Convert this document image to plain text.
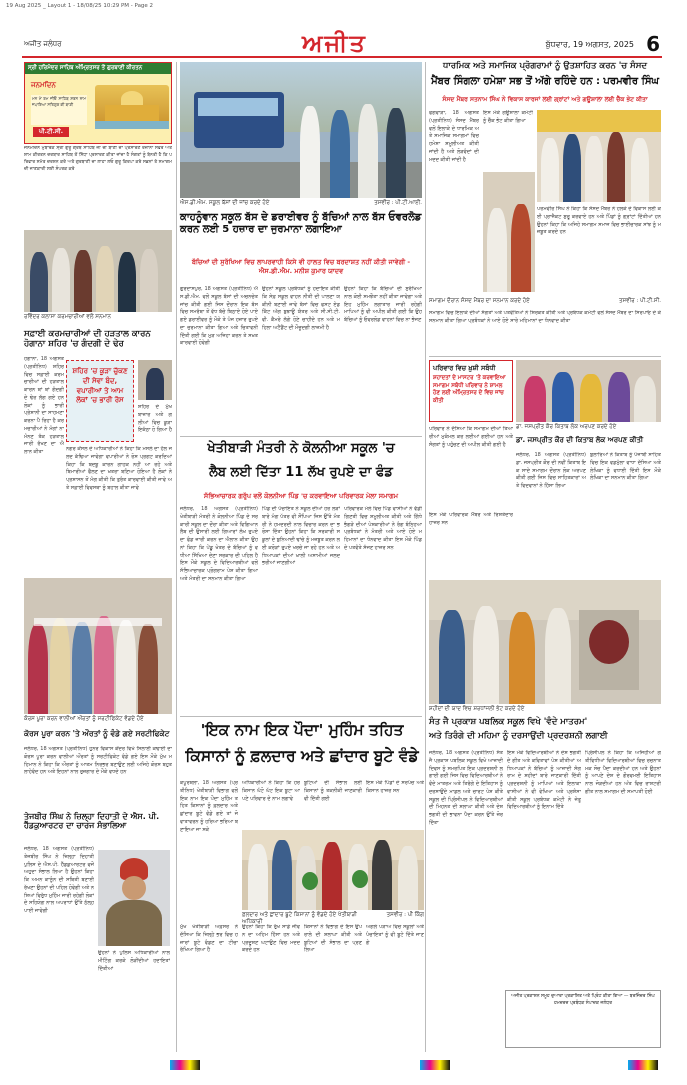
19 Aug 2025 _ Layout 1 - 18/08/25 10:29 PM - Page 2
ਅਜੀਤ ਜਲੰਧਰ	ਅਜੀਤ	ਬੁੱਧਵਾਰ, 19 ਅਗਸਤ, 2025 6
ਸ੍ਰੀ ਹਰਿਮੰਦਰ ਸਾਹਿਬ ਅੰਮ੍ਰਿਤਸਰ ਤੋਂ ਗੁਰਬਾਣੀ ਕੀਰਤਨ
ਜਨਮਦਿਨ
ਮਨ ਮੇਂ ਰਮ ਜੀਓ ਸਾਹਿਬ ਸ਼ਰਨ ਨਾਮ ਜਪਾਇਆ ਸਤਿਗੁਰ ਕੀ ਬਾਣੀ
ਪੀ.ਟੀ.ਸੀ.
ਜਨਮਦਿਨ ਮੁਬਾਰਕ ਸ੍ਰੀ ਗੁਰੂ ਗ੍ਰੰਥ ਸਾਹਿਬ ਜੀ ਦੀ ਬਾਣੀ ਦਾ ਪ੍ਰਸਾਰਣ ਰੋਜ਼ਾਨਾ ਸਵੇਰੇ ਅਤੇ ਸ਼ਾਮ ਕੀਰਤਨ ਦਰਬਾਰ ਸਾਹਿਬ ਤੋਂ ਸਿੱਧਾ ਪ੍ਰਸਾਰਣ ਕੀਤਾ ਜਾਂਦਾ ਹੈ ਸੰਗਤਾਂ ਨੂੰ ਬੇਨਤੀ ਹੈ ਕਿ ਪਰਿਵਾਰ ਸਮੇਤ ਦਰਸ਼ਨ ਕਰੋ ਅਤੇ ਗੁਰਬਾਣੀ ਦਾ ਲਾਹਾ ਲਓ ਗੁਰੂ ਕਿਰਪਾ ਕਰੇ ਸਭਨਾਂ ਤੇ ਸਮਾਗਮ ਦੀ ਜਾਣਕਾਰੀ ਲਈ ਸੰਪਰਕ ਕਰੋ
ਰਵਿੰਦਰ ਕਲਾਸਾ ਕਰਮਚਾਰੀਆਂ ਵਲੋਂ ਸਨਮਾਨ
ਸਫ਼ਾਈ ਕਰਮਚਾਰੀਆਂ ਦੀ ਹੜਤਾਲ ਕਾਰਨ ਹੋਗਾਨਾ ਸ਼ਹਿਰ 'ਚ ਗੰਦਗੀ ਦੇ ਢੇਰ
ਹੋਗਾਨਾ, 18 ਅਗਸਤ (ਪ੍ਰਤੀਨਿਧ) ਸ਼ਹਿਰ ਵਿਚ ਸਫ਼ਾਈ ਕਰਮਚਾਰੀਆਂ ਦੀ ਹੜਤਾਲ ਕਾਰਨ ਥਾਂ ਥਾਂ ਗੰਦਗੀ ਦੇ ਢੇਰ ਲੱਗ ਗਏ ਹਨ ਲੋਕਾਂ ਨੂੰ ਭਾਰੀ ਪ੍ਰੇਸ਼ਾਨੀ ਦਾ ਸਾਹਮਣਾ ਕਰਨਾ ਪੈ ਰਿਹਾ ਹੈ ਕਰਮਚਾਰੀਆਂ ਨੇ ਮੰਗਾਂ ਨਾ ਮੰਨਣ ਤੱਕ ਹੜਤਾਲ ਜਾਰੀ ਰੱਖਣ ਦਾ ਐਲਾਨ ਕੀਤਾ
ਸ਼ਹਿਰ 'ਚ ਕੂੜਾ ਚੁੱਕਣ ਦੀ ਸੇਵਾ ਬੰਦ, ਵਪਾਰੀਆਂ ਤੇ ਆਮ ਲੋਕਾਂ 'ਚ ਭਾਰੀ ਰੋਸ
ਸ਼ਹਿਰ ਦੇ ਮੁੱਖ ਬਾਜ਼ਾਰ ਅਤੇ ਗਲੀਆਂ ਵਿਚ ਕੂੜਾ ਇਕੱਠਾ ਹੋ ਗਿਆ ਹੈ
ਨਗਰ ਕੌਂਸਲ ਦੇ ਅਧਿਕਾਰੀਆਂ ਨੇ ਕਿਹਾ ਕਿ ਮਸਲੇ ਦਾ ਹੱਲ ਜਲਦ ਕੱਢਿਆ ਜਾਵੇਗਾ ਵਪਾਰੀਆਂ ਨੇ ਰੋਸ ਪ੍ਰਗਟ ਕਰਦਿਆਂ ਕਿਹਾ ਕਿ ਬਦਬੂ ਕਾਰਨ ਗਾਹਕ ਨਹੀਂ ਆ ਰਹੇ ਅਤੇ ਬਿਮਾਰੀਆਂ ਫੈਲਣ ਦਾ ਖ਼ਤਰਾ ਬਣਿਆ ਹੋਇਆ ਹੈ ਲੋਕਾਂ ਨੇ ਪ੍ਰਸ਼ਾਸਨ ਤੋਂ ਮੰਗ ਕੀਤੀ ਕਿ ਤੁਰੰਤ ਕਾਰਵਾਈ ਕੀਤੀ ਜਾਵੇ ਅਤੇ ਸਫ਼ਾਈ ਵਿਵਸਥਾ ਨੂੰ ਬਹਾਲ ਕੀਤਾ ਜਾਵੇ
ਕੋਰਸ ਪੂਰਾ ਕਰਨ ਵਾਲੀਆਂ ਔਰਤਾਂ ਨੂੰ ਸਰਟੀਫਿਕੇਟ ਵੰਡਦੇ ਹੋਏ
ਕੋਰਸ ਪੂਰਾ ਕਰਨ 'ਤੇ ਔਰਤਾਂ ਨੂੰ ਵੰਡੇ ਗਏ ਸਰਟੀਫਿਕੇਟ
ਜਲੰਧਰ, 18 ਅਗਸਤ (ਪ੍ਰਤੀਨਿਧ) ਹੁਨਰ ਵਿਕਾਸ ਕੇਂਦਰ ਵਿਖੇ ਸਿਲਾਈ ਕਢਾਈ ਦਾ ਕੋਰਸ ਪੂਰਾ ਕਰਨ ਵਾਲੀਆਂ ਔਰਤਾਂ ਨੂੰ ਸਰਟੀਫਿਕੇਟ ਵੰਡੇ ਗਏ ਇਸ ਮੌਕੇ ਮੁੱਖ ਮਹਿਮਾਨ ਨੇ ਕਿਹਾ ਕਿ ਔਰਤਾਂ ਨੂੰ ਆਤਮ ਨਿਰਭਰ ਬਣਾਉਣ ਲਈ ਅਜਿਹੇ ਕੋਰਸ ਬਹੁਤ ਲਾਹੇਵੰਦ ਹਨ ਅਤੇ ਇਹਨਾਂ ਨਾਲ ਰੁਜ਼ਗਾਰ ਦੇ ਮੌਕੇ ਵਧਦੇ ਹਨ
ਤੇਜਬੀਰ ਸਿੰਘ ਨੇ ਜ਼ਿਲ੍ਹਾ ਦਿਹਾਤੀ ਦੇ ਐਸ. ਪੀ. ਹੈੱਡਕੁਆਰਟਰ ਦਾ ਚਾਰਜ ਸੰਭਾਲਿਆ
ਜਲੰਧਰ, 18 ਅਗਸਤ (ਪ੍ਰਤੀਨਿਧ) ਤੇਜਬੀਰ ਸਿੰਘ ਨੇ ਜ਼ਿਲ੍ਹਾ ਦਿਹਾਤੀ ਪੁਲਿਸ ਦੇ ਐਸ.ਪੀ. ਹੈੱਡਕੁਆਰਟਰ ਵਜੋਂ ਅਹੁਦਾ ਸੰਭਾਲ ਲਿਆ ਹੈ ਉਹਨਾਂ ਕਿਹਾ ਕਿ ਅਮਨ ਕਾਨੂੰਨ ਦੀ ਸਥਿਤੀ ਬਣਾਈ ਰੱਖਣਾ ਉਹਨਾਂ ਦੀ ਪਹਿਲ ਹੋਵੇਗੀ ਅਤੇ ਨਸ਼ਿਆਂ ਵਿਰੁੱਧ ਮੁਹਿੰਮ ਜਾਰੀ ਰਹੇਗੀ ਲੋਕਾਂ ਦੇ ਸਹਿਯੋਗ ਨਾਲ ਅਪਰਾਧਾਂ ਉੱਤੇ ਠੱਲ੍ਹ ਪਾਈ ਜਾਵੇਗੀ
ਉਹਨਾਂ ਨੇ ਪੁਲਿਸ ਅਧਿਕਾਰੀਆਂ ਨਾਲ ਮੀਟਿੰਗ ਕਰਕੇ ਲੋੜੀਂਦੀਆਂ ਹਦਾਇਤਾਂ ਦਿੱਤੀਆਂ
ਐਸ.ਡੀ.ਐਮ. ਸਕੂਲ ਬੱਸਾਂ ਦੀ ਜਾਂਚ ਕਰਦੇ ਹੋਏ	ਤਸਵੀਰ : ਪੀ.ਟੀ.ਆਈ.
ਕਾਹਨੂੰਵਾਨ ਸਕੂਲ ਬੱਸ ਦੇ ਡਰਾਈਵਰ ਨੂੰ ਬੱਚਿਆਂ ਨਾਲ ਬੱਸ ਓਵਰਲੋਡ ਕਰਨ ਲਈ 5 ਹਜ਼ਾਰ ਦਾ ਜੁਰਮਾਨਾ ਲਗਾਇਆ
ਬੱਚਿਆਂ ਦੀ ਸੁਰੱਖਿਆ ਵਿਚ ਲਾਪਰਵਾਹੀ ਕਿਸੇ ਵੀ ਹਾਲਤ ਵਿਚ ਬਰਦਾਸ਼ਤ ਨਹੀਂ ਕੀਤੀ ਜਾਵੇਗੀ - ਐਸ.ਡੀ.ਐਮ. ਮਨੀਸ਼ ਕੁਮਾਰ ਯਾਦਵ
ਗੁਰਦਾਸਪੁਰ, 18 ਅਗਸਤ (ਪ੍ਰਤੀਨਿਧ) ਐਸ.ਡੀ.ਐਮ. ਵਲੋਂ ਸਕੂਲ ਬੱਸਾਂ ਦੀ ਅਚਨਚੇਤ ਜਾਂਚ ਕੀਤੀ ਗਈ ਜਿਸ ਦੌਰਾਨ ਇਕ ਬੱਸ ਵਿਚ ਸਮਰੱਥਾ ਤੋਂ ਵੱਧ ਬੱਚੇ ਬਿਠਾਏ ਹੋਏ ਪਾਏ ਗਏ ਡਰਾਈਵਰ ਨੂੰ ਮੌਕੇ ਤੇ ਪੰਜ ਹਜ਼ਾਰ ਰੁਪਏ ਦਾ ਜੁਰਮਾਨਾ ਕੀਤਾ ਗਿਆ ਅਤੇ ਚਿਤਾਵਨੀ ਦਿੱਤੀ ਗਈ ਕਿ ਮੁੜ ਅਜਿਹਾ ਕਰਨ ਤੇ ਸਖ਼ਤ ਕਾਰਵਾਈ ਹੋਵੇਗੀ
ਉਹਨਾਂ ਸਕੂਲ ਪ੍ਰਬੰਧਕਾਂ ਨੂੰ ਹਦਾਇਤ ਕੀਤੀ ਕਿ ਸੇਫ਼ ਸਕੂਲ ਵਾਹਨ ਨੀਤੀ ਦੀ ਪਾਲਣਾ ਯਕੀਨੀ ਬਣਾਈ ਜਾਵੇ ਬੱਸਾਂ ਵਿਚ ਫਸਟ ਏਡ ਕਿੱਟ ਅੱਗ ਬੁਝਾਊ ਯੰਤਰ ਅਤੇ ਸੀ.ਸੀ.ਟੀ.ਵੀ. ਕੈਮਰੇ ਲੱਗੇ ਹੋਣੇ ਚਾਹੀਦੇ ਹਨ ਅਤੇ ਮਹਿਲਾ ਅਟੈਂਡੈਂਟ ਦੀ ਮੌਜੂਦਗੀ ਲਾਜ਼ਮੀ ਹੈ
ਉਹਨਾਂ ਕਿਹਾ ਕਿ ਬੱਚਿਆਂ ਦੀ ਸੁਰੱਖਿਆ ਨਾਲ ਕੋਈ ਸਮਝੌਤਾ ਨਹੀਂ ਕੀਤਾ ਜਾਵੇਗਾ ਅਤੇ ਇਹ ਮੁਹਿੰਮ ਲਗਾਤਾਰ ਜਾਰੀ ਰਹੇਗੀ ਮਾਪਿਆਂ ਨੂੰ ਵੀ ਅਪੀਲ ਕੀਤੀ ਗਈ ਕਿ ਉਹ ਬੱਚਿਆਂ ਨੂੰ ਓਵਰਲੋਡ ਵਾਹਨਾਂ ਵਿਚ ਨਾ ਭੇਜਣ
ਖੇਤੀਬਾੜੀ ਮੰਤਰੀ ਨੇ ਕੋਲਨੀਆ ਸਕੂਲ 'ਚ
ਲੈਬ ਲਈ ਦਿੱਤਾ 11 ਲੱਖ ਰੁਪਏ ਦਾ ਫੰਡ
ਸੱਭਿਆਚਾਰਕ ਗਰੁੱਪ ਵਲੋਂ ਕੋਲਨੀਆ ਪਿੰਡ 'ਚ ਕਰਵਾਇਆ ਪਰਿਵਾਰਕ ਮੇਲਾ ਸਮਾਗਮ
ਜਲੰਧਰ, 18 ਅਗਸਤ (ਪ੍ਰਤੀਨਿਧ) ਖੇਤੀਬਾੜੀ ਮੰਤਰੀ ਨੇ ਕੋਲਨੀਆ ਪਿੰਡ ਦੇ ਸਰਕਾਰੀ ਸਕੂਲ ਦਾ ਦੌਰਾ ਕੀਤਾ ਅਤੇ ਵਿਗਿਆਨ ਲੈਬ ਦੀ ਉਸਾਰੀ ਲਈ ਗਿਆਰਾਂ ਲੱਖ ਰੁਪਏ ਦਾ ਫੰਡ ਜਾਰੀ ਕਰਨ ਦਾ ਐਲਾਨ ਕੀਤਾ ਉਹਨਾਂ ਕਿਹਾ ਕਿ ਪੇਂਡੂ ਖੇਤਰ ਦੇ ਬੱਚਿਆਂ ਨੂੰ ਵਧੀਆ ਸਿੱਖਿਆ ਦੇਣਾ ਸਰਕਾਰ ਦੀ ਪਹਿਲ ਹੈ ਇਸ ਮੌਕੇ ਸਕੂਲ ਦੇ ਵਿਦਿਆਰਥੀਆਂ ਵਲੋਂ ਸੱਭਿਆਚਾਰਕ ਪ੍ਰੋਗਰਾਮ ਪੇਸ਼ ਕੀਤਾ ਗਿਆ ਅਤੇ ਮੰਤਰੀ ਦਾ ਸਨਮਾਨ ਕੀਤਾ ਗਿਆ
ਪਿੰਡ ਦੀ ਪੰਚਾਇਤ ਨੇ ਸਕੂਲ ਦੀਆਂ ਹੋਰ ਲੋੜਾਂ ਬਾਰੇ ਮੰਗ ਪੱਤਰ ਵੀ ਸੌਂਪਿਆ ਜਿਸ ਉੱਤੇ ਮੰਤਰੀ ਨੇ ਹਮਦਰਦੀ ਨਾਲ ਵਿਚਾਰ ਕਰਨ ਦਾ ਭਰੋਸਾ ਦਿੱਤਾ ਉਹਨਾਂ ਕਿਹਾ ਕਿ ਸਰਕਾਰੀ ਸਕੂਲਾਂ ਦੇ ਬੁਨਿਆਦੀ ਢਾਂਚੇ ਨੂੰ ਮਜ਼ਬੂਤ ਕਰਨ ਲਈ ਕਰੋੜਾਂ ਰੁਪਏ ਖਰਚੇ ਜਾ ਰਹੇ ਹਨ ਅਤੇ ਅਧਿਆਪਕਾਂ ਦੀਆਂ ਖ਼ਾਲੀ ਅਸਾਮੀਆਂ ਜਲਦ ਭਰੀਆਂ ਜਾਣਗੀਆਂ
ਪਰਿਵਾਰਕ ਮੇਲੇ ਵਿਚ ਪਿੰਡ ਵਾਸੀਆਂ ਨੇ ਵੱਡੀ ਗਿਣਤੀ ਵਿਚ ਸ਼ਮੂਲੀਅਤ ਕੀਤੀ ਅਤੇ ਗਿੱਧੇ ਭੰਗੜੇ ਦੀਆਂ ਪੇਸ਼ਕਾਰੀਆਂ ਨੇ ਰੰਗ ਬੰਨ੍ਹਿਆ ਪ੍ਰਬੰਧਕਾਂ ਨੇ ਮੰਤਰੀ ਅਤੇ ਆਏ ਹੋਏ ਮਹਿਮਾਨਾਂ ਦਾ ਧੰਨਵਾਦ ਕੀਤਾ ਇਸ ਮੌਕੇ ਪਿੰਡ ਦੇ ਪਤਵੰਤੇ ਸੱਜਣ ਹਾਜ਼ਰ ਸਨ
'ਇਕ ਨਾਮ ਇਕ ਪੌਦਾ' ਮੁਹਿੰਮ ਤਹਿਤ
ਕਿਸਾਨਾਂ ਨੂੰ ਫ਼ਲਦਾਰ ਅਤੇ ਛਾਂਦਾਰ ਬੂਟੇ ਵੰਡੇ
ਕਪੂਰਥਲਾ, 18 ਅਗਸਤ (ਪ੍ਰਤੀਨਿਧ) ਖੇਤੀਬਾੜੀ ਵਿਭਾਗ ਵਲੋਂ ਇਕ ਨਾਮ ਇਕ ਪੌਦਾ ਮੁਹਿੰਮ ਤਹਿਤ ਕਿਸਾਨਾਂ ਨੂੰ ਫ਼ਲਦਾਰ ਅਤੇ ਛਾਂਦਾਰ ਬੂਟੇ ਵੰਡੇ ਗਏ ਤਾਂ ਜੋ ਵਾਤਾਵਰਨ ਨੂੰ ਹਰਿਆ ਭਰਿਆ ਬਣਾਇਆ ਜਾ ਸਕੇ
ਅਧਿਕਾਰੀਆਂ ਨੇ ਕਿਹਾ ਕਿ ਹਰ ਕਿਸਾਨ ਘੱਟੋ ਘੱਟ ਇਕ ਬੂਟਾ ਆਪਣੇ ਪਰਿਵਾਰ ਦੇ ਨਾਮ ਲਗਾਵੇ
ਬੂਟਿਆਂ ਦੀ ਸੰਭਾਲ ਲਈ ਕਿਸਾਨਾਂ ਨੂੰ ਤਕਨੀਕੀ ਜਾਣਕਾਰੀ ਵੀ ਦਿੱਤੀ ਗਈ
ਇਸ ਮੌਕੇ ਪਿੰਡਾਂ ਦੇ ਸਰਪੰਚ ਅਤੇ ਕਿਸਾਨ ਹਾਜ਼ਰ ਸਨ
ਫ਼ਲਦਾਰ ਅਤੇ ਛਾਂਦਾਰ ਬੂਟੇ ਕਿਸਾਨਾਂ ਨੂੰ ਵੰਡਦੇ ਹੋਏ ਖੇਤੀਬਾੜੀ ਅਧਿਕਾਰੀ
ਤਸਵੀਰ : ਪੀ ਕਿੰਗ
ਮੁੱਖ ਖੇਤੀਬਾੜੀ ਅਫ਼ਸਰ ਨੇ ਦੱਸਿਆ ਕਿ ਜ਼ਿਲ੍ਹੇ ਭਰ ਵਿਚ ਹਜ਼ਾਰਾਂ ਬੂਟੇ ਵੰਡਣ ਦਾ ਟੀਚਾ ਰੱਖਿਆ ਗਿਆ ਹੈ
ਉਹਨਾਂ ਕਿਹਾ ਕਿ ਰੁੱਖ ਸਾਡੇ ਜੀਵਨ ਦਾ ਅਹਿਮ ਹਿੱਸਾ ਹਨ ਅਤੇ ਪ੍ਰਦੂਸ਼ਣ ਘਟਾਉਣ ਵਿਚ ਮਦਦ ਕਰਦੇ ਹਨ
ਕਿਸਾਨਾਂ ਨੇ ਵਿਭਾਗ ਦੇ ਇਸ ਉਪਰਾਲੇ ਦੀ ਸ਼ਲਾਘਾ ਕੀਤੀ ਅਤੇ ਬੂਟਿਆਂ ਦੀ ਸੰਭਾਲ ਦਾ ਪ੍ਰਣ ਲਿਆ
ਅਗਲੇ ਪੜਾਅ ਵਿਚ ਸਕੂਲਾਂ ਅਤੇ ਪੰਚਾਇਤਾਂ ਨੂੰ ਵੀ ਬੂਟੇ ਦਿੱਤੇ ਜਾਣਗੇ
ਧਾਰਮਿਕ ਅਤੇ ਸਮਾਜਿਕ ਪ੍ਰੋਗਰਾਮਾਂ ਨੂੰ ਉਤਸ਼ਾਹਿਤ ਕਰਨ 'ਚ ਸੰਸਦ
ਮੈਂਬਰ ਸਿੰਗਲਾ ਹਮੇਸ਼ਾ ਸਭ ਤੋਂ ਅੱਗੇ ਰਹਿੰਦੇ ਹਨ : ਪਰਮਵੀਰ ਸਿੰਘ
ਸੰਸਦ ਮੈਂਬਰ ਸਤਨਾਮ ਸਿੰਘ ਨੇ ਵਿਕਾਸ ਕਾਰਜਾਂ ਲਈ ਗ੍ਰਾਂਟਾਂ ਅਤੇ ਗਊਸ਼ਾਲਾ ਲਈ ਚੈੱਕ ਭੇਟ ਕੀਤਾ
ਫਗਵਾੜਾ, 18 ਅਗਸਤ (ਪ੍ਰਤੀਨਿਧ) ਸੰਸਦ ਮੈਂਬਰ ਵਲੋਂ ਇਲਾਕੇ ਦੇ ਧਾਰਮਿਕ ਅਤੇ ਸਮਾਜਿਕ ਸਮਾਗਮਾਂ ਵਿਚ ਹਮੇਸ਼ਾ ਸ਼ਮੂਲੀਅਤ ਕੀਤੀ ਜਾਂਦੀ ਹੈ ਅਤੇ ਲੋੜਵੰਦਾਂ ਦੀ ਮਦਦ ਕੀਤੀ ਜਾਂਦੀ ਹੈ
ਇਸ ਮੌਕੇ ਗਊਸ਼ਾਲਾ ਕਮੇਟੀ ਨੂੰ ਚੈੱਕ ਭੇਟ ਕੀਤਾ ਗਿਆ
ਪਰਮਵੀਰ ਸਿੰਘ ਨੇ ਕਿਹਾ ਕਿ ਸੰਸਦ ਮੈਂਬਰ ਨੇ ਹਲਕੇ ਦੇ ਵਿਕਾਸ ਲਈ ਕਈ ਪ੍ਰਾਜੈਕਟ ਸ਼ੁਰੂ ਕਰਵਾਏ ਹਨ ਅਤੇ ਪਿੰਡਾਂ ਨੂੰ ਗ੍ਰਾਂਟਾਂ ਦਿੱਤੀਆਂ ਹਨ ਉਹਨਾਂ ਕਿਹਾ ਕਿ ਅਜਿਹੇ ਸਮਾਗਮ ਸਮਾਜ ਵਿਚ ਭਾਈਚਾਰਕ ਸਾਂਝ ਨੂੰ ਮਜ਼ਬੂਤ ਕਰਦੇ ਹਨ
ਸਮਾਗਮ ਦੌਰਾਨ ਸੰਸਦ ਮੈਂਬਰ ਦਾ ਸਨਮਾਨ ਕਰਦੇ ਹੋਏ	ਤਸਵੀਰ : ਪੀ.ਟੀ.ਸੀ.
ਸਮਾਗਮ ਵਿਚ ਇਲਾਕੇ ਦੀਆਂ ਸੰਗਤਾਂ ਅਤੇ ਪਤਵੰਤਿਆਂ ਨੇ ਸ਼ਿਰਕਤ ਕੀਤੀ ਅਤੇ ਪ੍ਰਬੰਧਕ ਕਮੇਟੀ ਵਲੋਂ ਸੰਸਦ ਮੈਂਬਰ ਦਾ ਸਿਰੋਪਾਓ ਦੇ ਕੇ ਸਨਮਾਨ ਕੀਤਾ ਗਿਆ ਪ੍ਰਬੰਧਕਾਂ ਨੇ ਆਏ ਹੋਏ ਸਾਰੇ ਮਹਿਮਾਨਾਂ ਦਾ ਧੰਨਵਾਦ ਕੀਤਾ
ਪਰਿਵਾਰ ਵਿਚ ਖ਼ੁਸ਼ੀ ਸਬੰਧੀ
ਸ਼ਹਾਦਤਾਂ ਦੇ ਮਾਸਟਰ 'ਤੇ ਕਰਵਾਇਆ ਸਮਾਗਮ ਸਬੰਧੀ ਪਰਿਵਾਰ ਨੇ ਸ਼ਾਮਲ ਹੋਣ ਲਈ ਅੰਮ੍ਰਿਤਸਰ ਦੇ ਵਿਚ ਜਾਂਚ ਕੀਤੀ
ਪਰਿਵਾਰ ਨੇ ਦੱਸਿਆ ਕਿ ਸਮਾਗਮ ਦੀਆਂ ਤਿਆਰੀਆਂ ਮੁਕੰਮਲ ਕਰ ਲਈਆਂ ਗਈਆਂ ਹਨ ਅਤੇ ਸੰਗਤਾਂ ਨੂੰ ਪਹੁੰਚਣ ਦੀ ਅਪੀਲ ਕੀਤੀ ਗਈ ਹੈ
ਡਾ. ਜਸਪ੍ਰੀਤ ਕੌਰ ਕਿਤਾਬ ਲੋਕ ਅਰਪਣ ਕਰਦੇ ਹੋਏ
ਡਾ. ਜਸਪ੍ਰੀਤ ਕੌਰ ਦੀ ਕਿਤਾਬ ਲੋਕ ਅਰਪਣ ਕੀਤੀ
ਜਲੰਧਰ, 18 ਅਗਸਤ (ਪ੍ਰਤੀਨਿਧ) ਡਾ. ਜਸਪ੍ਰੀਤ ਕੌਰ ਦੀ ਨਵੀਂ ਕਿਤਾਬ ਇਕ ਸਾਦੇ ਸਮਾਗਮ ਦੌਰਾਨ ਲੋਕ ਅਰਪਣ ਕੀਤੀ ਗਈ ਜਿਸ ਵਿਚ ਸਾਹਿਤਕਾਰਾਂ ਅਤੇ ਵਿਦਵਾਨਾਂ ਨੇ ਹਿੱਸਾ ਲਿਆ
ਬੁਲਾਰਿਆਂ ਨੇ ਕਿਤਾਬ ਨੂੰ ਪੰਜਾਬੀ ਸਾਹਿਤ ਵਿਚ ਇਕ ਵਡਮੁੱਲਾ ਵਾਧਾ ਦੱਸਿਆ ਅਤੇ ਲੇਖਿਕਾ ਨੂੰ ਵਧਾਈ ਦਿੱਤੀ ਇਸ ਮੌਕੇ ਲੇਖਿਕਾ ਦਾ ਸਨਮਾਨ ਕੀਤਾ ਗਿਆ
ਇਸ ਮੌਕੇ ਪਰਿਵਾਰਕ ਮੈਂਬਰ ਅਤੇ ਰਿਸ਼ਤੇਦਾਰ ਹਾਜ਼ਰ ਸਨ
ਸ਼ਹੀਦਾਂ ਦੀ ਯਾਦ ਵਿਚ ਸ਼ਰਧਾਂਜਲੀ ਭੇਟ ਕਰਦੇ ਹੋਏ
ਸੰਤ ਜੈ ਪ੍ਰਕਾਸ਼ ਪਬਲਿਕ ਸਕੂਲ ਵਿਖੇ 'ਵੰਦੇ ਮਾਤਰਮ'
ਅਤੇ ਤਿਰੰਗੇ ਦੀ ਮਹਿਮਾ ਨੂੰ ਦਰਸਾਉਂਦੀ ਪ੍ਰਦਰਸ਼ਨੀ ਲਗਾਈ
ਜਲੰਧਰ, 18 ਅਗਸਤ (ਪ੍ਰਤੀਨਿਧ) ਸੰਤ ਜੈ ਪ੍ਰਕਾਸ਼ ਪਬਲਿਕ ਸਕੂਲ ਵਿਖੇ ਆਜ਼ਾਦੀ ਦਿਵਸ ਨੂੰ ਸਮਰਪਿਤ ਇਕ ਪ੍ਰਦਰਸ਼ਨੀ ਲਗਾਈ ਗਈ ਜਿਸ ਵਿਚ ਵਿਦਿਆਰਥੀਆਂ ਨੇ ਵੰਦੇ ਮਾਤਰਮ ਅਤੇ ਤਿਰੰਗੇ ਦੇ ਇਤਿਹਾਸ ਨੂੰ ਦਰਸਾਉਂਦੇ ਮਾਡਲ ਅਤੇ ਚਾਰਟ ਪੇਸ਼ ਕੀਤੇ ਸਕੂਲ ਦੀ ਪ੍ਰਿੰਸੀਪਲ ਨੇ ਵਿਦਿਆਰਥੀਆਂ ਦੀ ਮਿਹਨਤ ਦੀ ਸ਼ਲਾਘਾ ਕੀਤੀ ਅਤੇ ਦੇਸ਼ ਭਗਤੀ ਦੀ ਭਾਵਨਾ ਪੈਦਾ ਕਰਨ ਉੱਤੇ ਜ਼ੋਰ ਦਿੱਤਾ
ਇਸ ਮੌਕੇ ਵਿਦਿਆਰਥੀਆਂ ਨੇ ਦੇਸ਼ ਭਗਤੀ ਦੇ ਗੀਤ ਅਤੇ ਕਵਿਤਾਵਾਂ ਪੇਸ਼ ਕੀਤੀਆਂ ਅਧਿਆਪਕਾਂ ਨੇ ਬੱਚਿਆਂ ਨੂੰ ਆਜ਼ਾਦੀ ਸੰਗਰਾਮ ਦੇ ਸ਼ਹੀਦਾਂ ਬਾਰੇ ਜਾਣਕਾਰੀ ਦਿੱਤੀ ਪ੍ਰਦਰਸ਼ਨੀ ਨੂੰ ਮਾਪਿਆਂ ਅਤੇ ਇਲਾਕਾ ਵਾਸੀਆਂ ਨੇ ਵੀ ਵੇਖਿਆ ਅਤੇ ਪ੍ਰਸ਼ੰਸਾ ਕੀਤੀ ਸਕੂਲ ਪ੍ਰਬੰਧਕ ਕਮੇਟੀ ਨੇ ਜੇਤੂ ਵਿਦਿਆਰਥੀਆਂ ਨੂੰ ਇਨਾਮ ਦਿੱਤੇ
ਪ੍ਰਿੰਸੀਪਲ ਨੇ ਕਿਹਾ ਕਿ ਅਜਿਹੀਆਂ ਗਤੀਵਿਧੀਆਂ ਵਿਦਿਆਰਥੀਆਂ ਵਿਚ ਰਚਨਾਤਮਕ ਸੋਚ ਪੈਦਾ ਕਰਦੀਆਂ ਹਨ ਅਤੇ ਉਹਨਾਂ ਨੂੰ ਆਪਣੇ ਦੇਸ਼ ਦੇ ਗੌਰਵਮਈ ਇਤਿਹਾਸ ਨਾਲ ਜੋੜਦੀਆਂ ਹਨ ਅੰਤ ਵਿਚ ਰਾਸ਼ਟਰੀ ਗੀਤ ਨਾਲ ਸਮਾਗਮ ਦੀ ਸਮਾਪਤੀ ਹੋਈ
ਅਜੀਤ ਪ੍ਰਕਾਸ਼ਨ ਸਮੂਹ ਦੁਆਰਾ ਪ੍ਰਕਾਸ਼ਿਤ ਅਤੇ ਪ੍ਰਿੰਟ ਕੀਤਾ ਗਿਆ — ਬਰਜਿੰਦਰ ਸਿੰਘ ਹਮਦਰਦ ਪ੍ਰਬੰਧਕ ਸੰਪਾਦਕ ਜਲੰਧਰ
